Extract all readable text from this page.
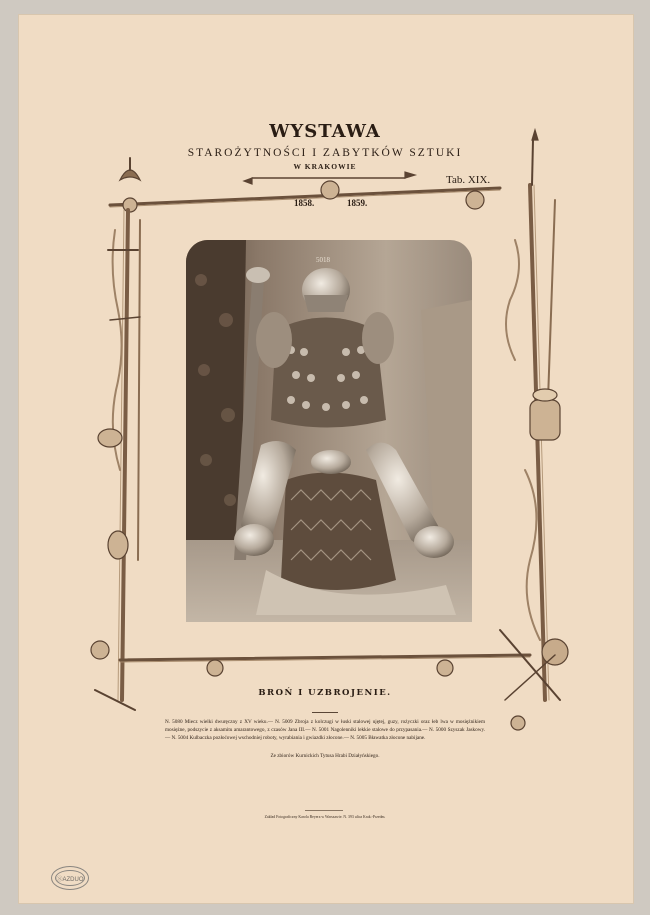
WYSTAWA
STAROŻYTNOŚCI I ZABYTKÓW SZTUKI
W KRAKOWIE
Tab. XIX.
1858.	1859.
5018
BROŃ I UZBROJENIE.
N. 5080 Miecz wielki dwuręczny z XV wieku.— N. 5009 Zbroja z kolczugi w łuski stalowej ujętej, guzy, rożyczki oraz łeb lwa w mosiężnikiem mosiężne, podszycie z aksamitu amarantowego, z czasów Jana III.— N. 5001 Nagolenniki lekkie stalowe do przypasania.— N. 5000 Szyszak Jaskowy.— N. 5004 Kulbaczka pozłoćowej wschodniej roboty, wyrabiania i gwiazdki złocone.— N. 5005 Bławatka złocone nabijane.
Ze zbiorów Kurnickich Tytusa Hrabi Działyńskiego.
Zakład Fotograficzny Karola Beyera w Warszawie. N. 393 ulica Krak.-Przedm.
ⓈAZDUO
